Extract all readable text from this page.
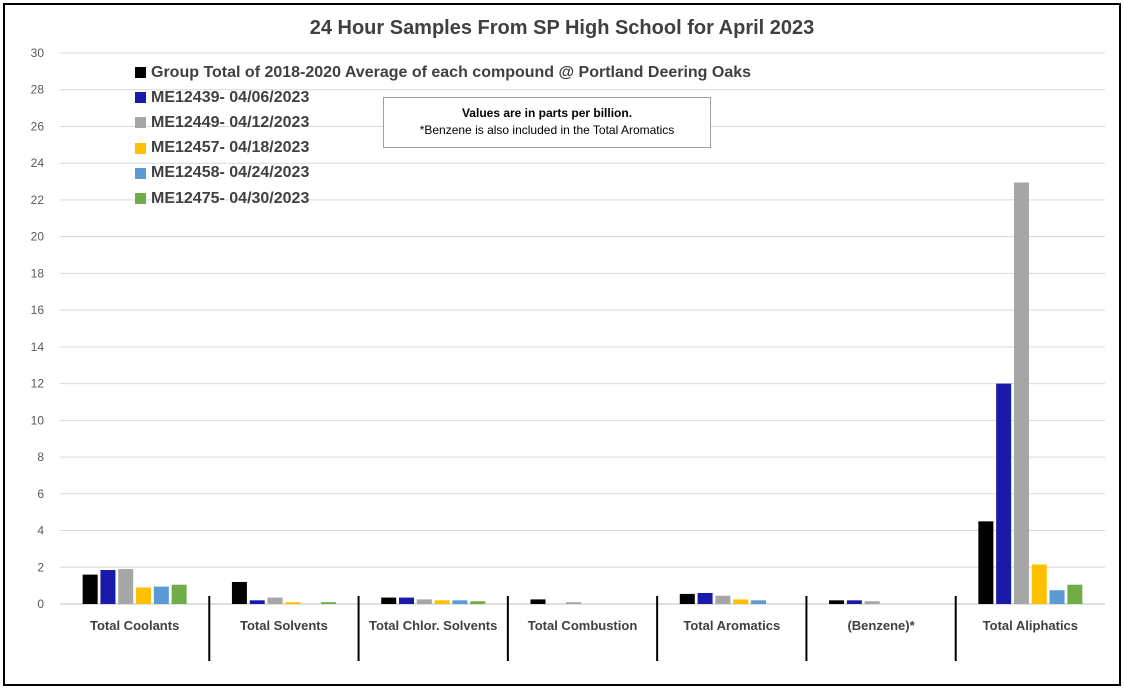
24 Hour Samples From SP High School for April 2023
0
2
4
6
8
10
12
14
16
18
20
22
24
26
28
30
Total Coolants	Total Solvents	Total Chlor. Solvents Total Combustion	Total Aromatics	(Benzene)*	Total Aliphatics
Group Total of 2018-2020 Average of each compound @ Portland Deering Oaks
ME12439- 04/06/2023
ME12449- 04/12/2023
ME12457- 04/18/2023
ME12458- 04/24/2023
ME12475- 04/30/2023
Values are in parts per billion.
*Benzene is also included in the Total Aromatics
